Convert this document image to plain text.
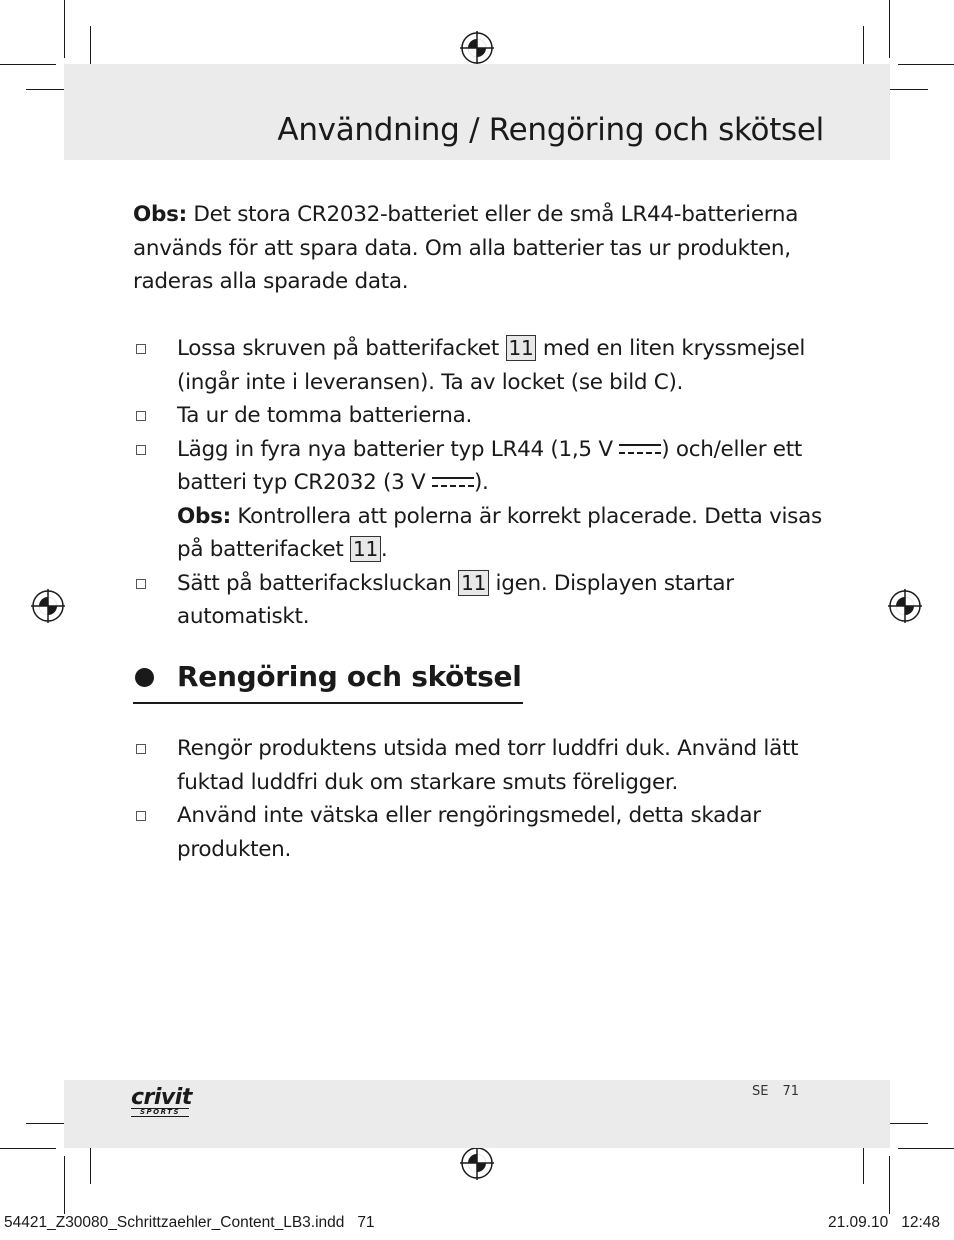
Användning / Rengöring och skötsel
Obs: Det stora CR2032-batteriet eller de små LR44-batterierna används för att spara data. Om alla batterier tas ur produkten, raderas alla sparade data.
Lossa skruven på batterifacket 11 med en liten kryssmejsel (ingår inte i leveransen). Ta av locket (se bild C).
Ta ur de tomma batterierna.
Lägg in fyra nya batterier typ LR44 (1,5 V ) och/eller ett batteri typ CR2032 (3 V ).
Obs: Kontrollera att polerna är korrekt placerade. Detta visas på batterifacket 11 .
Sätt på batterifacksluckan 11 igen. Displayen startar automatiskt.
Rengöring och skötsel
Rengör produktens utsida med torr luddfri duk. Använd lätt fuktad luddfri duk om starkare smuts föreligger.
Använd inte vätska eller rengöringsmedel, detta skadar produkten.
crivit
SPORTS
SE 71
54421_Z30080_Schrittzaehler_Content_LB3.indd   71	21.09.10   12:48
